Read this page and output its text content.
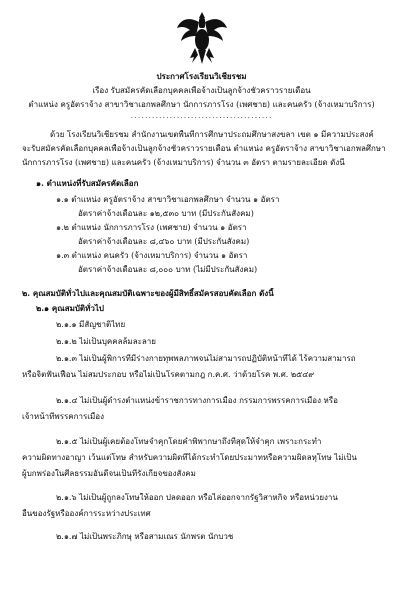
ประกาศโรงเรียนวิเชียรชม
เรื่อง รับสมัครคัดเลือกบุคคลเพื่อจ้างเป็นลูกจ้างชั่วคราวรายเดือน
ตำแหน่ง ครูอัตราจ้าง สาขาวิชาเอกพลศึกษา นักการภารโรง (เพศชาย) และคนครัว (จ้างเหมาบริการ)
........................................
ด้วย โรงเรียนวิเชียรชม สำนักงานเขตพื้นที่การศึกษาประถมศึกษาสงขลา เขต ๑ มีความประสงค์
จะรับสมัครคัดเลือกบุคคลเพื่อจ้างเป็นลูกจ้างชั่วคราวรายเดือน ตำแหน่ง ครูอัตราจ้าง สาขาวิชาเอกพลศึกษา
นักการภารโรง (เพศชาย) และคนครัว (จ้างเหมาบริการ) จำนวน ๓ อัตรา ตามรายละเอียด ดังนี้
๑. ตำแหน่งที่รับสมัครคัดเลือก
๑.๑ ตำแหน่ง ครูอัตราจ้าง สาขาวิชาเอกพลศึกษา จำนวน ๑ อัตรา
อัตราค่าจ้างเดือนละ ๑๒,๕๓๐ บาท (มีประกันสังคม)
๑.๒ ตำแหน่ง นักการภารโรง (เพศชาย) จำนวน ๑ อัตรา
อัตราค่าจ้างเดือนละ ๘,๔๖๐ บาท (มีประกันสังคม)
๑.๓ ตำแหน่ง คนครัว (จ้างเหมาบริการ) จำนวน ๑ อัตรา
อัตราค่าจ้างเดือนละ ๘,๐๐๐ บาท (ไม่มีประกันสังคม)
๒. คุณสมบัติทั่วไปและคุณสมบัติเฉพาะของผู้มีสิทธิ์สมัครสอบคัดเลือก ดังนี้
๒.๑ คุณสมบัติทั่วไป
๒.๑.๑ มีสัญชาติไทย
๒.๑.๒ ไม่เป็นบุคคลล้มละลาย
๒.๑.๓ ไม่เป็นผู้พิการที่มีร่างกายทุพพลภาพจนไม่สามารถปฏิบัติหน้าที่ได้ ไร้ความสามารถ
หรือจิตฟั่นเฟือน ไม่สมประกอบ หรือไม่เป็นโรคตามกฎ ก.ค.ศ. ว่าด้วยโรค พ.ศ. ๒๕๔๙
๒.๑.๔ ไม่เป็นผู้ดำรงตำแหน่งข้าราชการทางการเมือง กรรมการพรรคการเมือง หรือ
เจ้าหน้าที่พรรคการเมือง
๒.๑.๕ ไม่เป็นผู้เคยต้องโทษจำคุกโดยคำพิพากษาถึงที่สุดให้จำคุก เพราะกระทำ
ความผิดทางอาญา เว้นแต่โทษ สำหรับความผิดที่ได้กระทำโดยประมาทหรือความผิดลหุโทษ ไม่เป็น
ผู้บกพร่องในศีลธรรมอันดีจนเป็นที่รังเกียจของสังคม
๒.๑.๖ ไม่เป็นผู้ถูกลงโทษให้ออก ปลดออก หรือไล่ออกจากรัฐวิสาหกิจ หรือหน่วยงาน
อื่นของรัฐหรือองค์การระหว่างประเทศ
๒.๑.๗ ไม่เป็นพระภิกษุ หรือสามเณร นักพรต นักบวช
